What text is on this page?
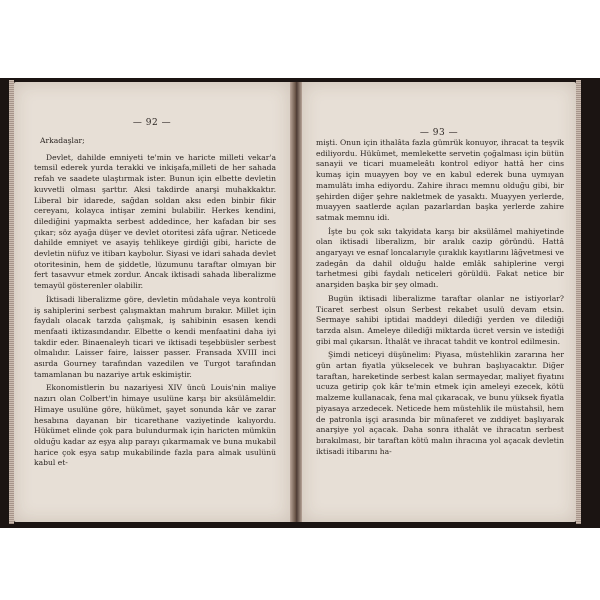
— 92 —

Arkadaşlar;

Devlet, dahilde emniyeti te'min ve haricte milleti vekar'a temsil ederek yurda terakki ve inkişafa,milleti de her sahada refah ve saadete ulaştırmak ister. Bunun için elbette devletin kuvvetli olması şarttır. Aksi takdirde anarşi muhakkaktır. Liberal bir idarede, sağdan soldan aksı eden binbir fikir cereyanı, kolayca intişar zemini bulabilir. Herkes kendini, dilediğini yapmakta serbest addedince, her kafadan bir ses çıkar; söz ayağa düşer ve devlet otoritesi zâfa uğrar. Neticede dahilde emniyet ve asayiş tehlikeye girdiği gibi, haricte de devletin nüfuz ve itibarı kaybolur. Siyasi ve idari sahada devlet otoritesinin, hem de şiddetle, lüzumunu taraftar olmıyan bir fert tasavvur etmek zordur. Ancak iktisadi sahada liberalizme temayül gösterenler olabilir.

İktisadi liberalizme göre, devletin müdahale veya kontrolü iş sahiplerini serbest çalışmaktan mahrum bırakır. Millet için faydalı olacak tarzda çalışmak, iş sahibinin esasen kendi menfaati iktizasındandır. Elbette o kendi menfaatini daha iyi takdir eder. Binaenaleyh ticari ve iktisadi teşebbüsler serbest olmalıdır. Laisser faire, laisser passer. Fransada XVIII inci asırda Gourney tarafından vazedilen ve Turgot tarafından tamamlanan bu nazariye artık eskimiştir.

Ekonomistlerin bu nazariyesi XIV üncü Louis'nin maliye nazırı olan Colbert'in himaye usulüne karşı bir aksülâmeldir. Himaye usulüne göre, hükümet, şayet sonunda kâr ve zarar hesabına dayanan bir ticarethane vaziyetinde kalıyordu. Hükümet elinde çok para bulundurmak için haricten mümkün olduğu kadar az eşya alıp parayı çıkarmamak ve buna mukabil harice çok eşya satıp mukabilinde fazla para almak usulünü kabul et-

— 93 —

mişti. Onun için ithalâta fazla gümrük konuyor, ihracat ta teşvik ediliyordu. Hükûmet, memlekette servetin çoğalması için bütün sanayii ve ticari muameleâtı kontrol ediyor hattâ her cins kumaş için muayyen boy ve en kabul ederek buna uymıyan mamulâtı imha ediyordu. Zahire ihracı memnu olduğu gibi, bir şehirden diğer şehre nakletmek de yasaktı. Muayyen yerlerde, muayyen saatlerde açılan pazarlardan başka yerlerde zahire satmak memnu idi.

İşte bu çok sıkı takyidata karşı bir aksülâmel mahiyetinde olan iktisadi liberalizm, bir aralık cazip göründü. Hattâ angaryayı ve esnaf loncalarıyle çıraklık kayıtlarını lâğvetmesi ve zadegân da dahil olduğu halde emlâk sahiplerine vergi tarhetmesi gibi faydalı neticeleri görüldü. Fakat netice bir anarşiden başka bir şey olmadı.

Bugün iktisadi liberalizme taraftar olanlar ne istiyorlar? Ticaret serbest olsun Serbest rekabet usulü devam etsin. Sermaye sahibi iptidai maddeyi dilediği yerden ve dilediği tarzda alsın. Ameleye dilediği miktarda ücret versin ve istediği gibi mal çıkarsın. İthalât ve ihracat tahdit ve kontrol edilmesin.

Şimdi neticeyi düşünelim: Piyasa, müstehlikin zararına her gün artan fiyatla yükselecek ve buhran başlıyacaktır. Diğer taraftan, hareketinde serbest kalan sermayedar, maliyet fiyatını ucuza getirip çok kâr te'min etmek için ameleyi ezecek, kötü malzeme kullanacak, fena mal çıkaracak, ve bunu yüksek fiyatla piyasaya arzedecek. Neticede hem müstehlik ile müstahsil, hem de patronla işçi arasında bir münaferet ve zıddiyet başlıyarak anarşiye yol açacak. Daha sonra ithalât ve ihracatın serbest bırakılması, bir taraftan kötü malın ihracına yol açacak devletin iktisadi itibarını ha-
